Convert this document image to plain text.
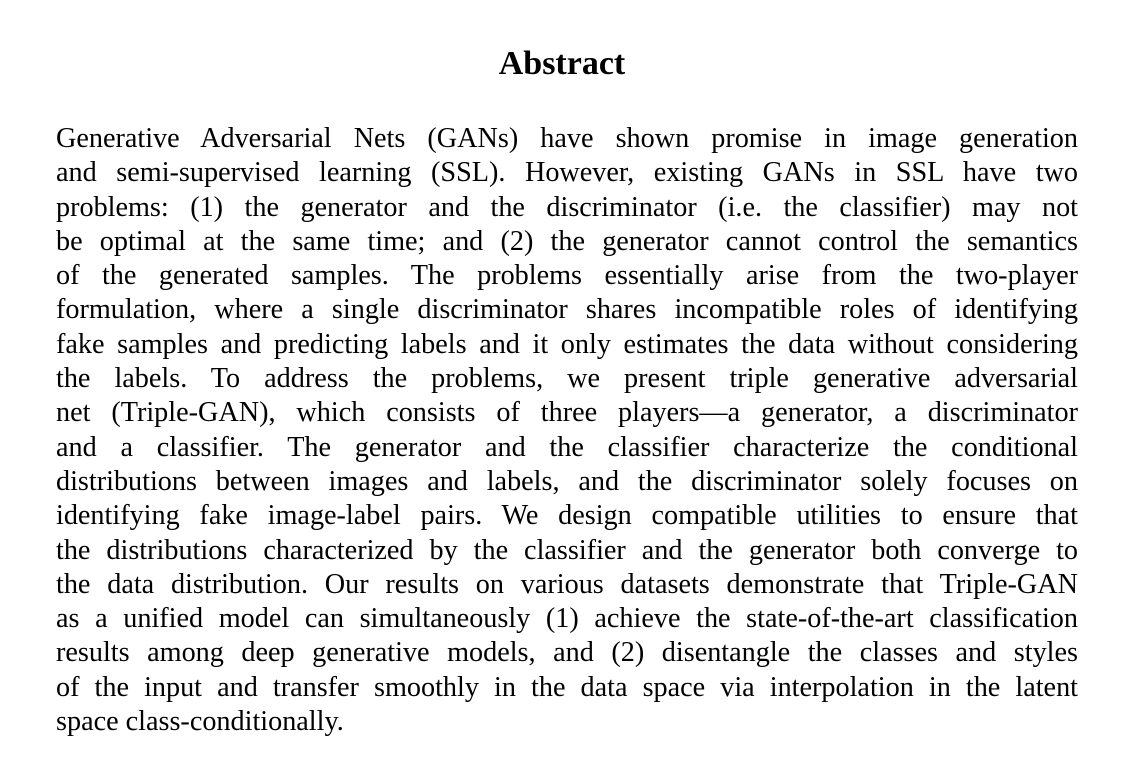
Abstract
Generative Adversarial Nets (GANs) have shown promise in image generation
and semi-supervised learning (SSL). However, existing GANs in SSL have two
problems: (1) the generator and the discriminator (i.e. the classifier) may not
be optimal at the same time; and (2) the generator cannot control the semantics
of the generated samples. The problems essentially arise from the two-player
formulation, where a single discriminator shares incompatible roles of identifying
fake samples and predicting labels and it only estimates the data without considering
the labels. To address the problems, we present triple generative adversarial
net (Triple-GAN), which consists of three players—a generator, a discriminator
and a classifier. The generator and the classifier characterize the conditional
distributions between images and labels, and the discriminator solely focuses on
identifying fake image-label pairs. We design compatible utilities to ensure that
the distributions characterized by the classifier and the generator both converge to
the data distribution. Our results on various datasets demonstrate that Triple-GAN
as a unified model can simultaneously (1) achieve the state-of-the-art classification
results among deep generative models, and (2) disentangle the classes and styles
of the input and transfer smoothly in the data space via interpolation in the latent
space class-conditionally.
